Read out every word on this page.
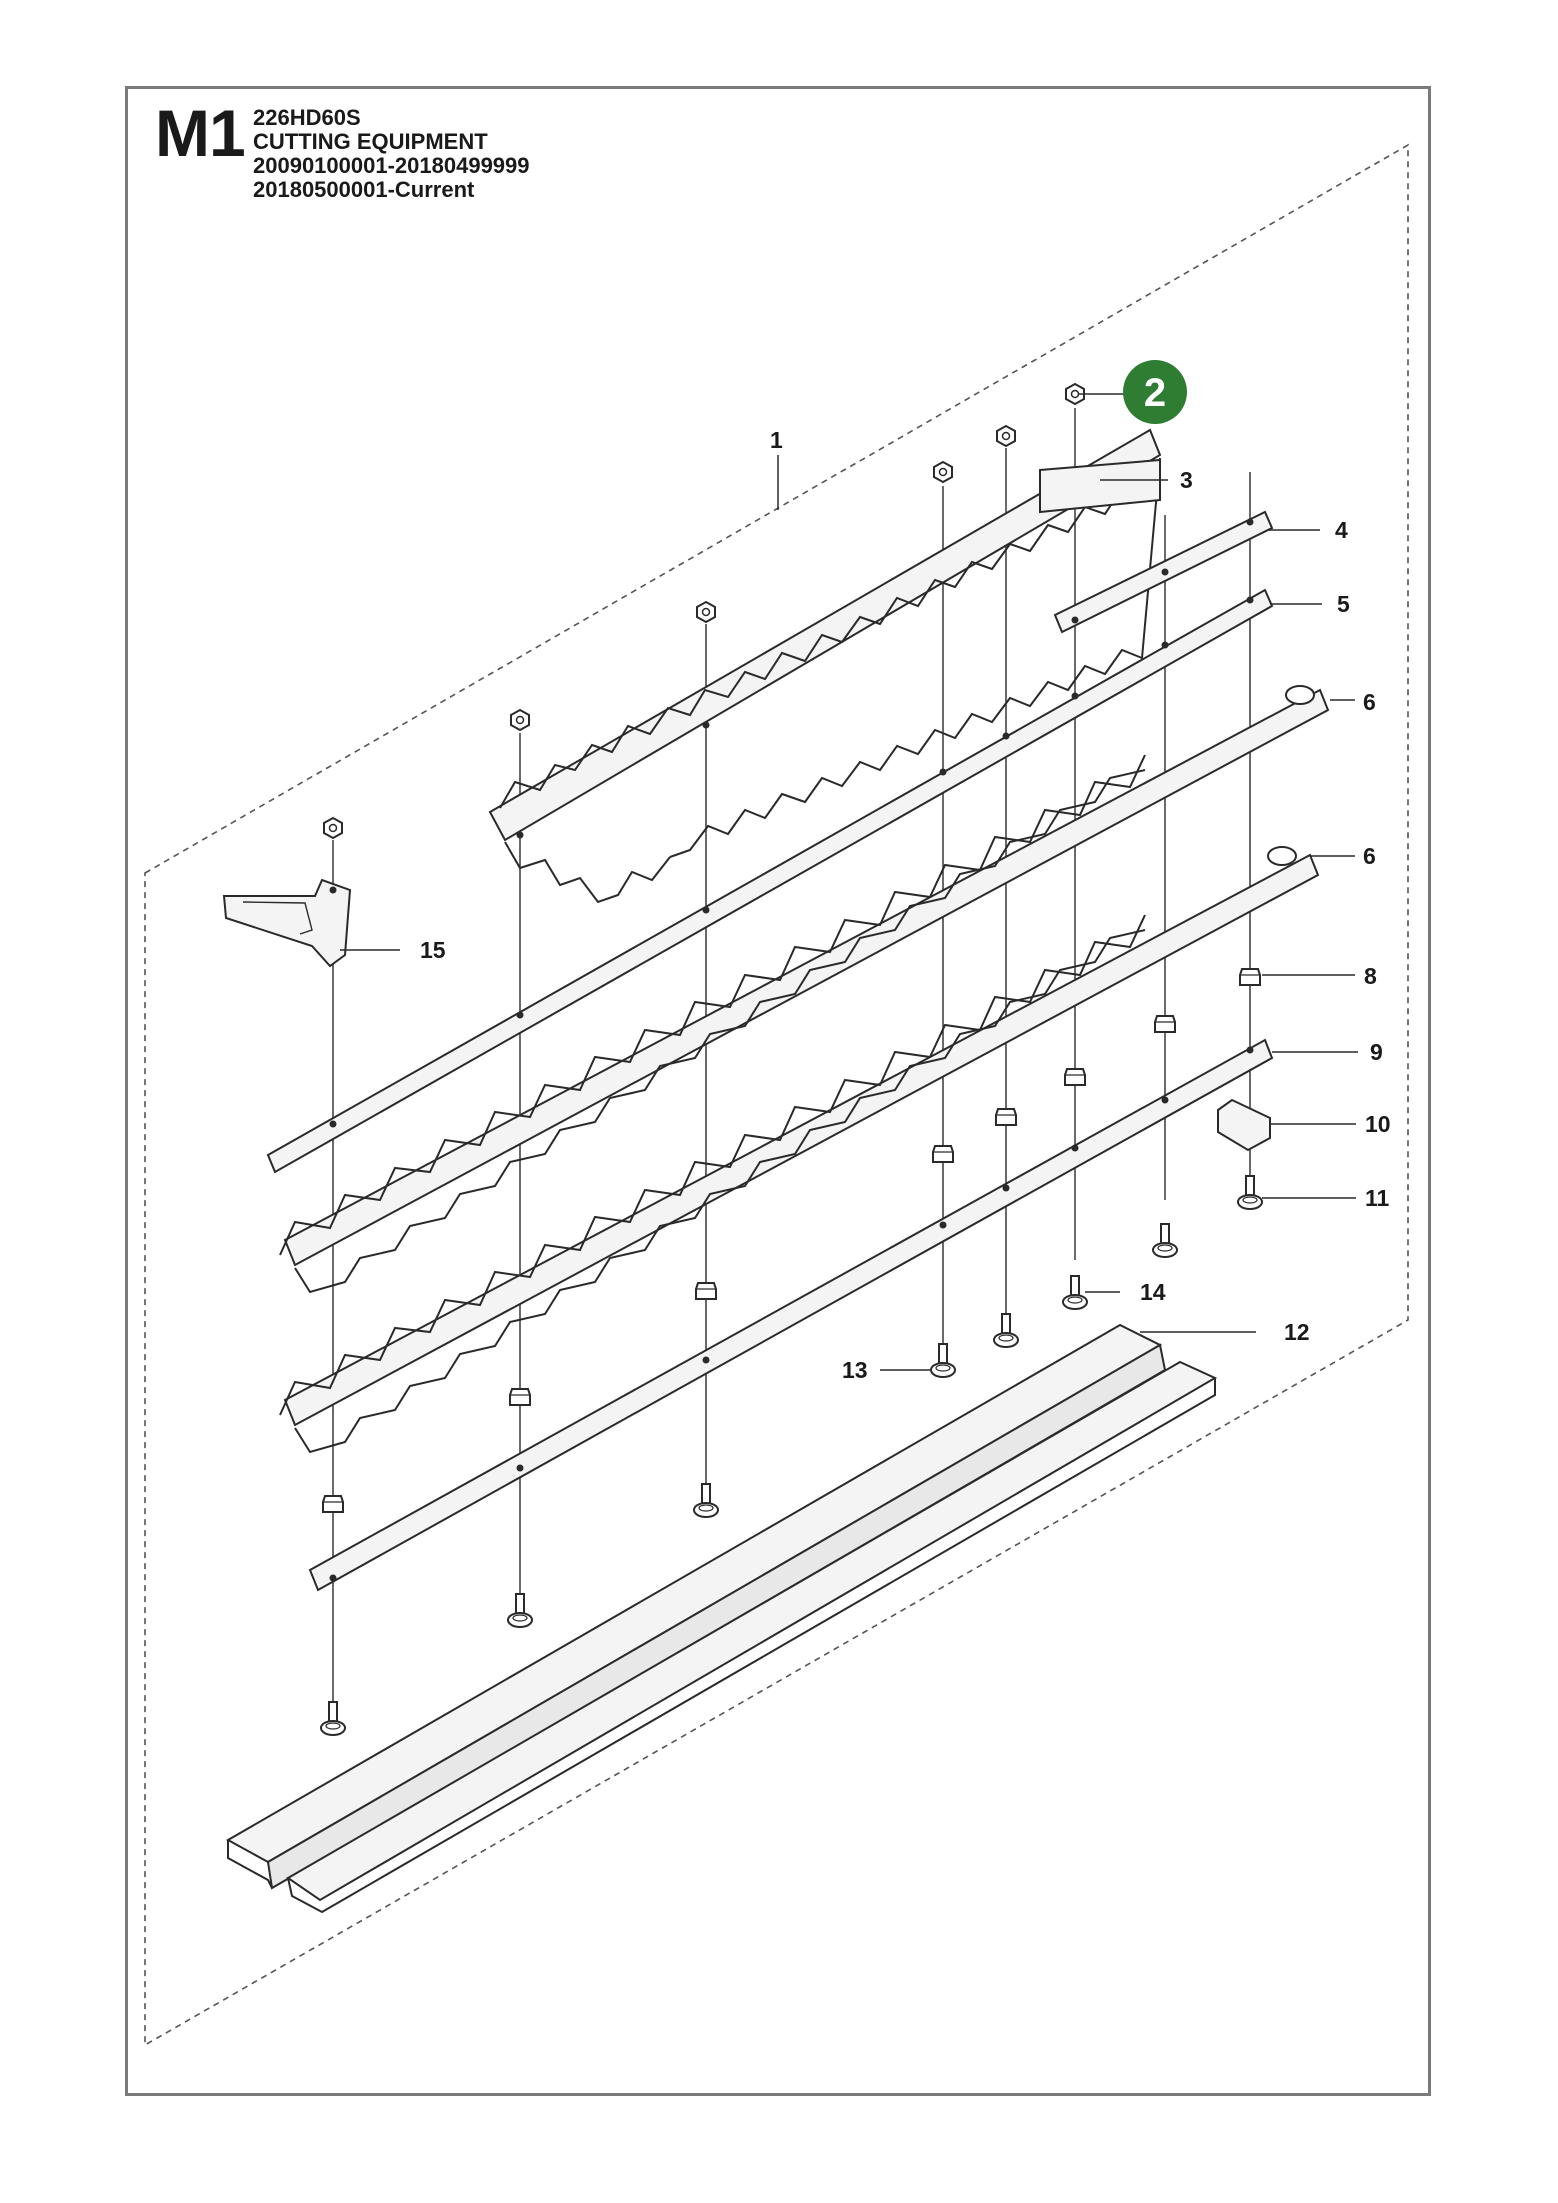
M1 226HD60S
CUTTING EQUIPMENT
20090100001-20180499999
20180500001-Current
2
1
3
4
5
6
6
8
9
10
11
12
13
14
15
